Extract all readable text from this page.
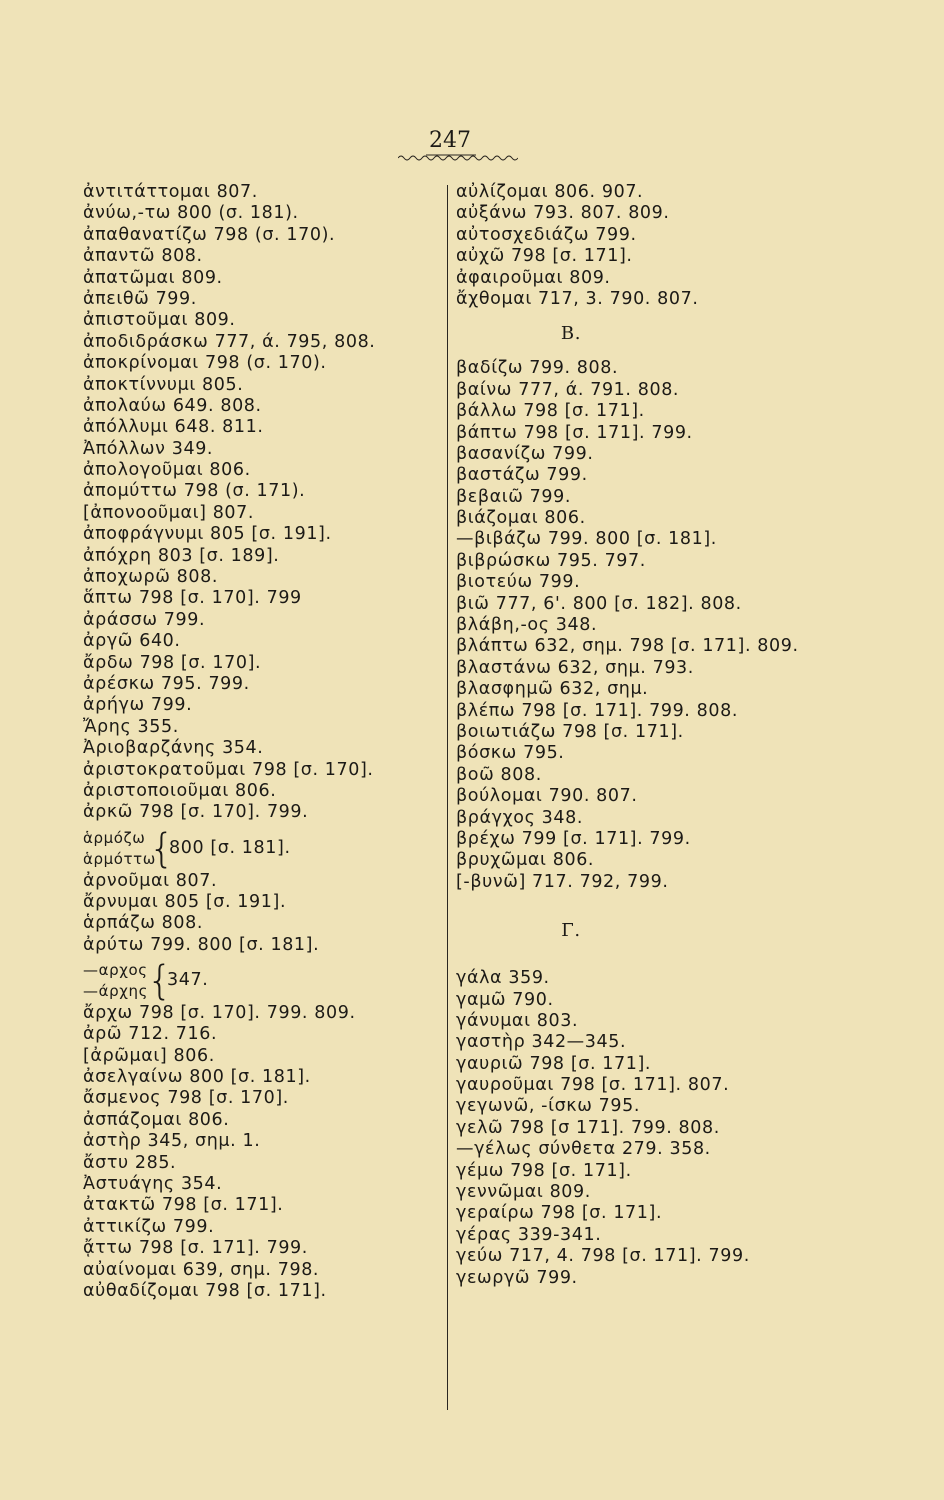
247
ἀντιτάττομαι 807.
ἀνύω,-τω 800 (σ. 181).
ἀπαθανατίζω 798 (σ. 170).
ἀπαντῶ 808.
ἀπατῶμαι 809.
ἀπειθῶ 799.
ἀπιστοῦμαι 809.
ἀποδιδράσκω 777, ά. 795, 808.
ἀποκρίνομαι 798 (σ. 170).
ἀποκτίννυμι 805.
ἀπολαύω 649. 808.
ἀπόλλυμι 648. 811.
Ἀπόλλων 349.
ἀπολογοῦμαι 806.
ἀπομύττω 798 (σ. 171).
[ἀπονοοῦμαι] 807.
ἀποφράγνυμι 805 [σ. 191].
ἀπόχρη 803 [σ. 189].
ἀποχωρῶ 808.
ἅπτω 798 [σ. 170]. 799
ἀράσσω 799.
ἀργῶ 640.
ἄρδω 798 [σ. 170].
ἀρέσκω 795. 799.
ἀρήγω 799.
Ἄρης 355.
Ἀριοβαρζάνης 354.
ἀριστοκρατοῦμαι 798 [σ. 170].
ἀριστοποιοῦμαι 806.
ἀρκῶ 798 [σ. 170]. 799.
ἁρμόζω
ἁρμόττω
{
800 [σ. 181].
ἀρνοῦμαι 807.
ἄρνυμαι 805 [σ. 191].
ἁρπάζω 808.
ἀρύτω 799. 800 [σ. 181].
—αρχος
—άρχης {
347.
ἄρχω 798 [σ. 170]. 799. 809.
ἀρῶ 712. 716.
[ἀρῶμαι] 806.
ἀσελγαίνω 800 [σ. 181].
ἄσμενος 798 [σ. 170].
ἀσπάζομαι 806.
ἀστὴρ 345, σημ. 1.
ἄστυ 285.
Ἀστυάγης 354.
ἀτακτῶ 798 [σ. 171].
ἀττικίζω 799.
ᾄττω 798 [σ. 171]. 799.
αὐαίνομαι 639, σημ. 798.
αὐθαδίζομαι 798 [σ. 171].
αὐλίζομαι 806. 907.
αὐξάνω 793. 807. 809.
αὐτοσχεδιάζω 799.
αὐχῶ 798 [σ. 171].
ἀφαιροῦμαι 809.
ἄχθομαι 717, 3. 790. 807.
Β.
βαδίζω 799. 808.
βαίνω 777, ά. 791. 808.
βάλλω 798 [σ. 171].
βάπτω 798 [σ. 171]. 799.
βασανίζω 799.
βαστάζω 799.
βεβαιῶ 799.
βιάζομαι 806.
—βιβάζω 799. 800 [σ. 181].
βιβρώσκω 795. 797.
βιοτεύω 799.
βιῶ 777, 6'. 800 [σ. 182]. 808.
βλάβη,-ος 348.
βλάπτω 632, σημ. 798 [σ. 171]. 809.
βλαστάνω 632, σημ. 793.
βλασφημῶ 632, σημ.
βλέπω 798 [σ. 171]. 799. 808.
βοιωτιάζω 798 [σ. 171].
βόσκω 795.
βοῶ 808.
βούλομαι 790. 807.
βράγχος 348.
βρέχω 799 [σ. 171]. 799.
βρυχῶμαι 806.
[-βυνῶ] 717. 792, 799.
Γ.
γάλα 359.
γαμῶ 790.
γάνυμαι 803.
γαστὴρ 342—345.
γαυριῶ 798 [σ. 171].
γαυροῦμαι 798 [σ. 171]. 807.
γεγωνῶ, -ίσκω 795.
γελῶ 798 [σ 171]. 799. 808.
—γέλως σύνθετα 279. 358.
γέμω 798 [σ. 171].
γεννῶμαι 809.
γεραίρω 798 [σ. 171].
γέρας 339-341.
γεύω 717, 4. 798 [σ. 171]. 799.
γεωργῶ 799.
